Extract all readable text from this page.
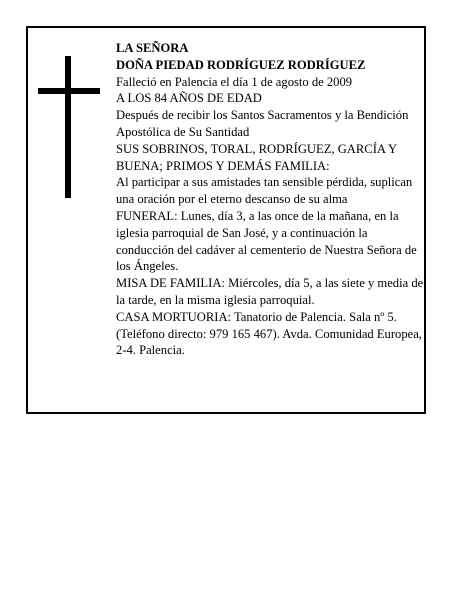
LA SEÑORA

DOÑA PIEDAD RODRÍGUEZ RODRÍGUEZ

Falleció en Palencia el día 1 de agosto de 2009

A LOS 84 AÑOS DE EDAD

Después de recibir los Santos Sacramentos y la Bendición Apostólica de Su Santidad

SUS SOBRINOS, TORAL, RODRÍGUEZ, GARCÍA Y BUENA; PRIMOS Y DEMÁS FAMILIA:

Al participar a sus amistades tan sensible pérdida, suplican una oración por el eterno descanso de su alma

FUNERAL: Lunes, día 3, a las once de la mañana, en la iglesia parroquial de San José, y a continuación la conducción del cadáver al cementerio de Nuestra Señora de los Ángeles.

MISA DE FAMILIA: Miércoles, día 5, a las siete y media de la tarde, en la misma iglesia parroquial.

CASA MORTUORIA: Tanatorio de Palencia. Sala nº 5. (Teléfono directo: 979 165 467). Avda. Comunidad Europea, 2-4. Palencia.
